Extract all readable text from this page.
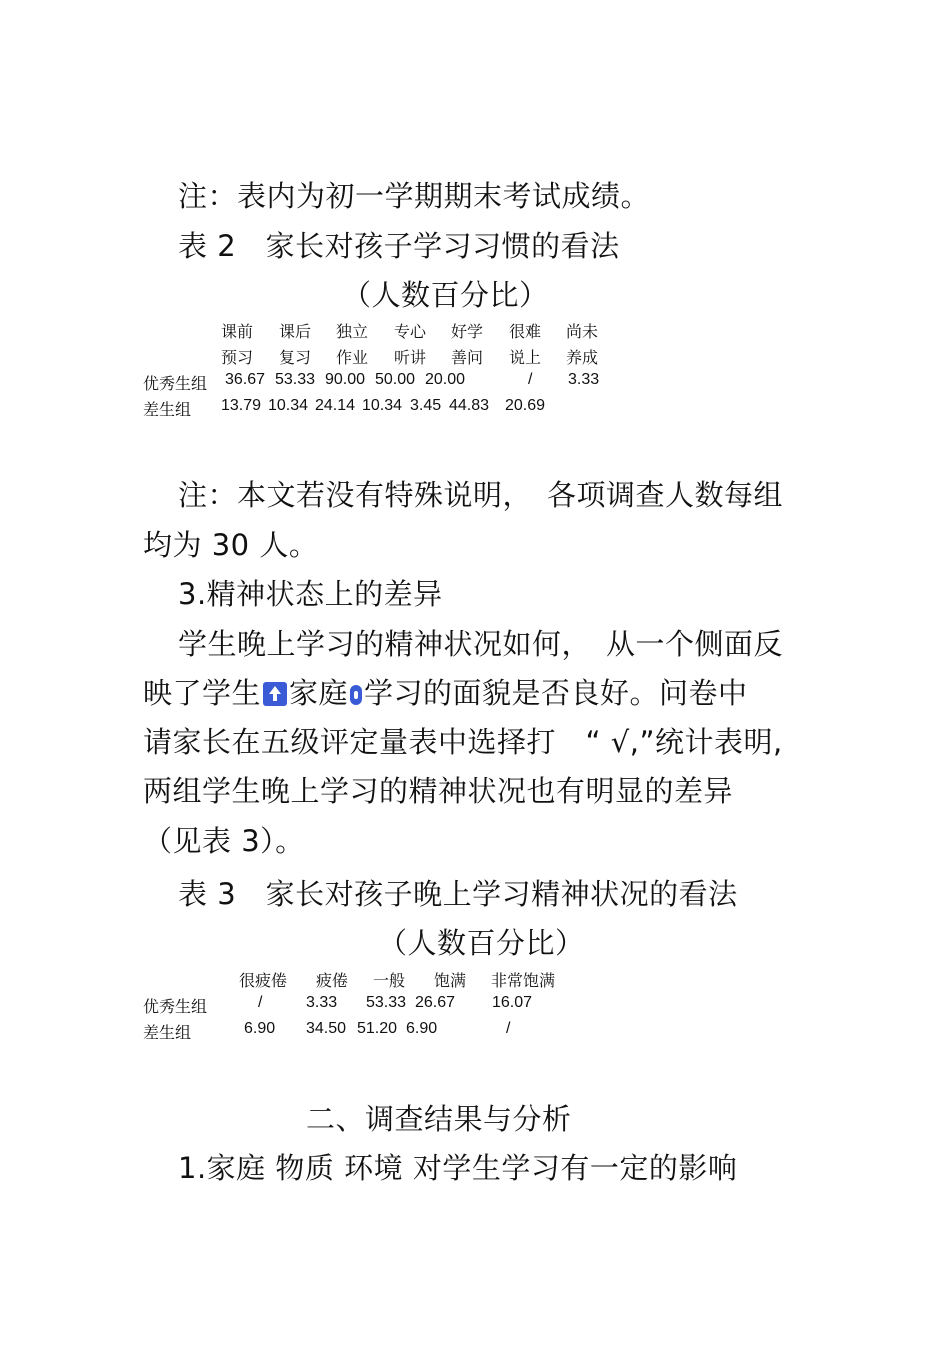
注：表内为初一学期期末考试成绩。
表 2　家长对孩子学习习惯的看法
（人数百分比）
课前 课后 独立 专心 好学 很难 尚未
预习 复习 作业 听讲 善问 说上 养成
优秀生组 36.67 53.33 90.00 50.00 20.00	/ 3.33
差生组 13.79 10.34 24.14 10.34 3.45 44.83 20.69
注：本文若没有特殊说明，　各项调查人数每组
均为 30 人。
3.精神状态上的差异
学生晚上学习的精神状况如何，　从一个侧面反
映了学生 家庭 学习的面貌是否良好。问卷中
请家长在五级评定量表中选择打　“ √,”统计表明,
两组学生晚上学习的精神状况也有明显的差异
（见表 3）。
表 3　家长对孩子晚上学习精神状况的看法
（人数百分比）
很疲倦 疲倦 一般 饱满 非常饱满
优秀生组	/	3.33 53.33 26.67 16.07
差生组	6.90 34.50 51.20 6.90	/
二、调查结果与分析
1.家庭 物质 环境 对学生学习有一定的影响
